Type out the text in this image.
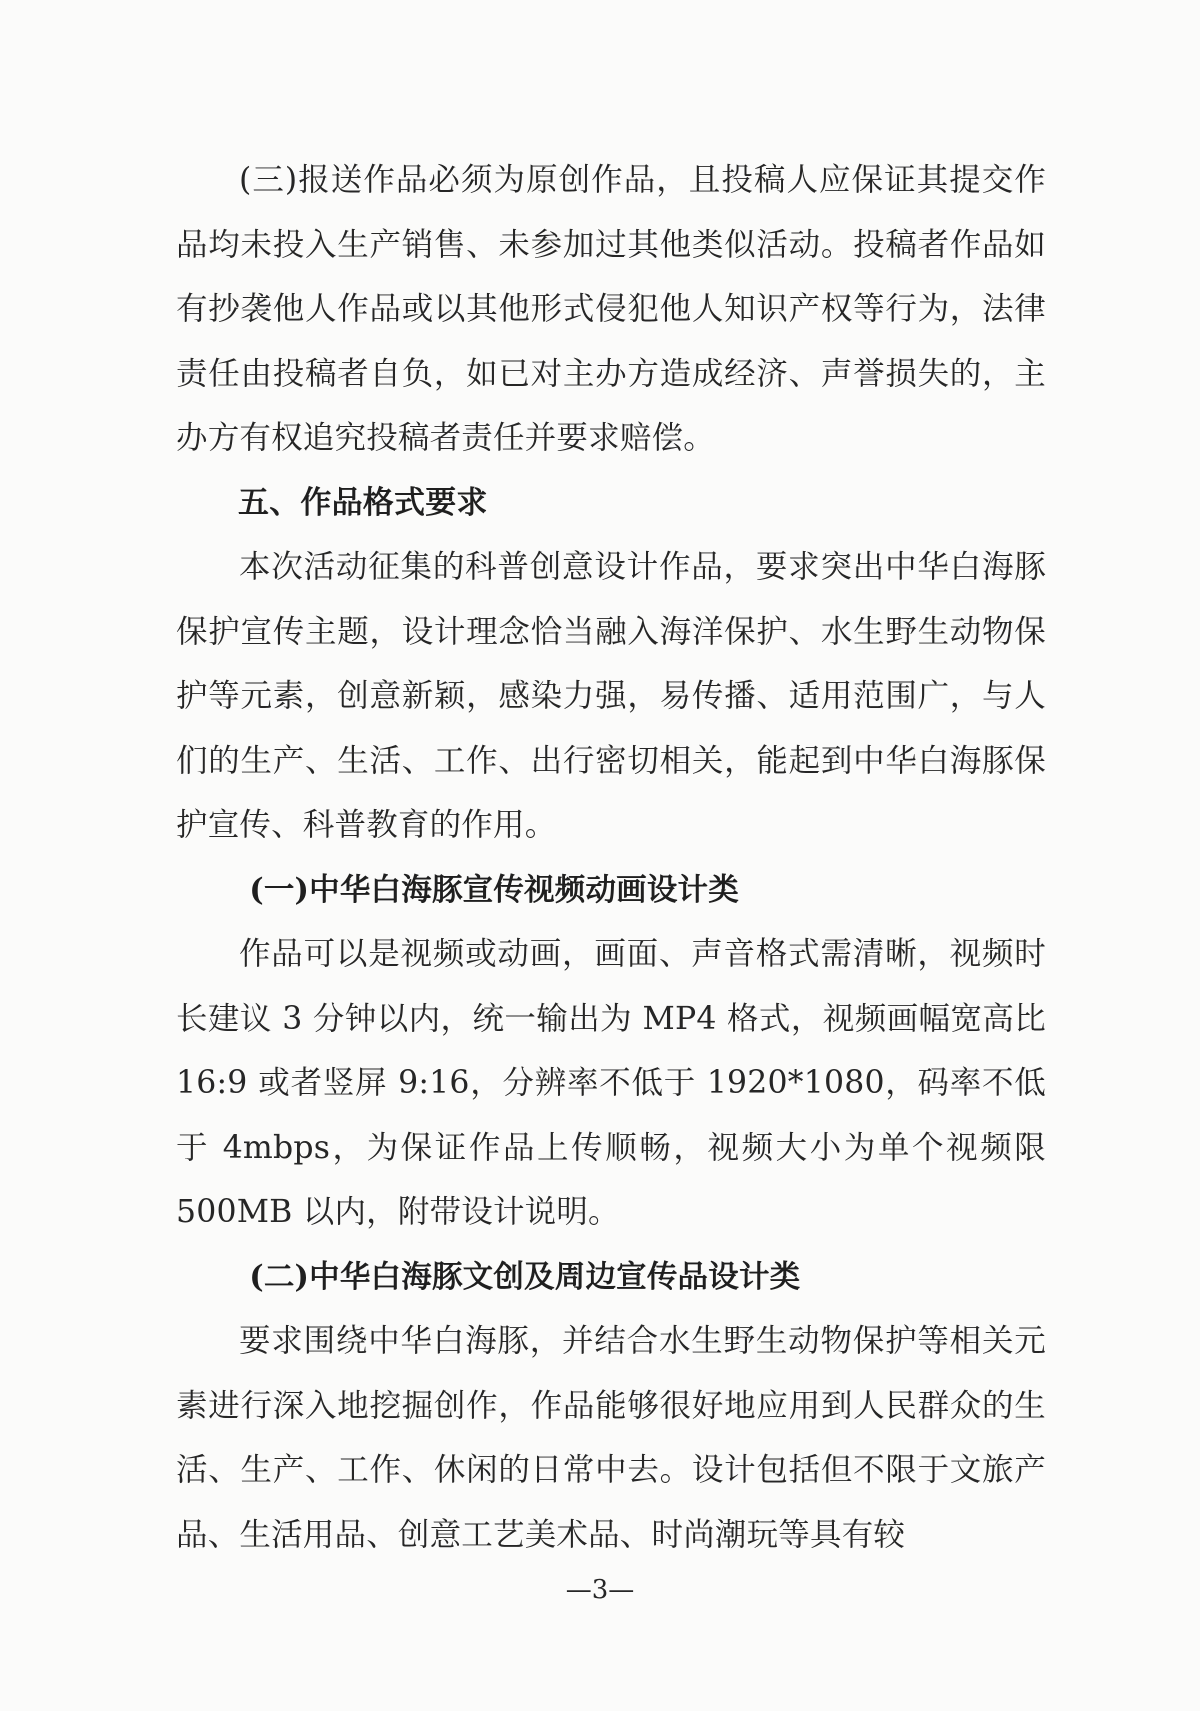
(三)报送作品必须为原创作品，且投稿人应保证其提交作品均未投入生产销售、未参加过其他类似活动。投稿者作品如有抄袭他人作品或以其他形式侵犯他人知识产权等行为，法律责任由投稿者自负，如已对主办方造成经济、声誉损失的，主办方有权追究投稿者责任并要求赔偿。

五、作品格式要求

本次活动征集的科普创意设计作品，要求突出中华白海豚保护宣传主题，设计理念恰当融入海洋保护、水生野生动物保护等元素，创意新颖，感染力强，易传播、适用范围广，与人们的生产、生活、工作、出行密切相关，能起到中华白海豚保护宣传、科普教育的作用。

(一)中华白海豚宣传视频动画设计类

作品可以是视频或动画，画面、声音格式需清晰，视频时长建议 3 分钟以内，统一输出为 MP4 格式，视频画幅宽高比 16:9 或者竖屏 9:16，分辨率不低于 1920*1080，码率不低于 4mbps，为保证作品上传顺畅，视频大小为单个视频限 500MB 以内，附带设计说明。

(二)中华白海豚文创及周边宣传品设计类

要求围绕中华白海豚，并结合水生野生动物保护等相关元素进行深入地挖掘创作，作品能够很好地应用到人民群众的生活、生产、工作、休闲的日常中去。设计包括但不限于文旅产品、生活用品、创意工艺美术品、时尚潮玩等具有较

—3—
